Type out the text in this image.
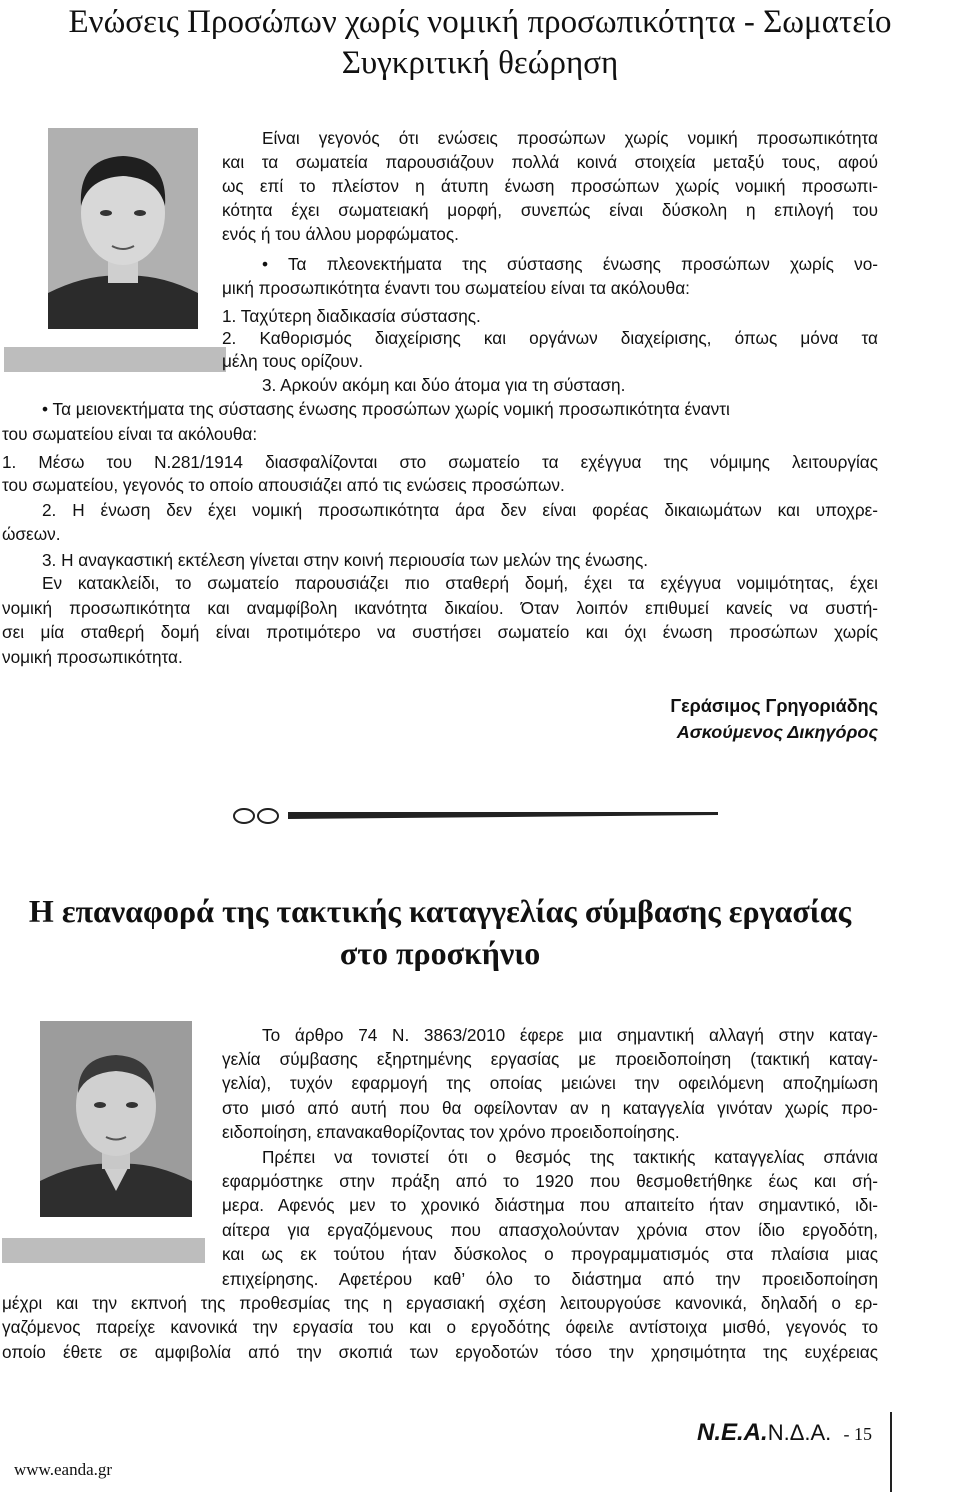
Ενώσεις Προσώπων χωρίς νομική προσωπικότητα - Σωματείο
Συγκριτική θεώρηση

Είναι γεγονός ότι ενώσεις προσώπων χωρίς νομική προσωπικότητα

και τα σωματεία παρουσιάζουν πολλά κοινά στοιχεία μεταξύ τους, αφού

ως επί το πλείστον η άτυπη ένωση προσώπων χωρίς νομική προσωπι-

κότητα έχει σωματειακή μορφή, συνεπώς είναι δύσκολη η επιλογή του

ενός ή του άλλου μορφώματος.

• Τα πλεονεκτήματα της σύστασης ένωσης προσώπων χωρίς νο-

μική προσωπικότητα έναντι του σωματείου είναι τα ακόλουθα:

1. Ταχύτερη διαδικασία σύστασης.

2. Καθορισμός διαχείρισης και οργάνων διαχείρισης, όπως μόνα τα

μέλη τους ορίζουν.

3. Αρκούν ακόμη και δύο άτομα για τη σύσταση.

• Τα μειονεκτήματα της σύστασης ένωσης προσώπων χωρίς νομική προσωπικότητα έναντι

του σωματείου είναι τα ακόλουθα:

1. Μέσω του Ν.281/1914 διασφαλίζονται στο σωματείο τα εχέγγυα της νόμιμης λειτουργίας

του σωματείου, γεγονός το οποίο απουσιάζει από τις ενώσεις προσώπων.

2. Η ένωση δεν έχει νομική προσωπικότητα άρα δεν είναι φορέας δικαιωμάτων και υποχρε-

ώσεων.

3. Η αναγκαστική εκτέλεση γίνεται στην κοινή περιουσία των μελών της ένωσης.

Εν κατακλείδι, το σωματείο παρουσιάζει πιο σταθερή δομή, έχει τα εχέγγυα νομιμότητας, έχει

νομική προσωπικότητα και αναμφίβολη ικανότητα δικαίου. Όταν λοιπόν επιθυμεί κανείς να συστή-

σει μία σταθερή δομή είναι προτιμότερο να συστήσει σωματείο και όχι ένωση προσώπων χωρίς

νομική προσωπικότητα.

Γεράσιμος Γρηγοριάδης

Ασκούμενος Δικηγόρος

Η επαναφορά της τακτικής καταγγελίας σύμβασης εργασίας
στο προσκήνιο

Το άρθρο 74 Ν. 3863/2010 έφερε μια σημαντική αλλαγή στην καταγ-

γελία σύμβασης εξηρτημένης εργασίας με προειδοποίηση (τακτική καταγ-

γελία), τυχόν εφαρμογή της οποίας μειώνει την οφειλόμενη αποζημίωση

στο μισό από αυτή που θα οφείλονταν αν η καταγγελία γινόταν χωρίς προ-

ειδοποίηση, επανακαθορίζοντας τον χρόνο προειδοποίησης.

Πρέπει να τονιστεί ότι ο θεσμός της τακτικής καταγγελίας σπάνια

εφαρμόστηκε στην πράξη από το 1920 που θεσμοθετήθηκε έως και σή-

μερα. Αφενός μεν το χρονικό διάστημα που απαιτείτο ήταν σημαντικό, ιδι-

αίτερα για εργαζόμενους που απασχολούνταν χρόνια στον ίδιο εργοδότη,

και ως εκ τούτου ήταν δύσκολος ο προγραμματισμός στα πλαίσια μιας

επιχείρησης. Αφετέρου καθ’ όλο το διάστημα από την προειδοποίηση

μέχρι και την εκπνοή της προθεσμίας της η εργασιακή σχέση λειτουργούσε κανονικά, δηλαδή ο ερ-

γαζόμενος παρείχε κανονικά την εργασία του και ο εργοδότης όφειλε αντίστοιχα μισθό, γεγονός το

οποίο έθετε σε αμφιβολία από την σκοπιά των εργοδοτών τόσο την χρησιμότητα της ευχέρειας

www.eanda.gr
Ν.Ε.Α.Ν.Δ.Α. - 15
